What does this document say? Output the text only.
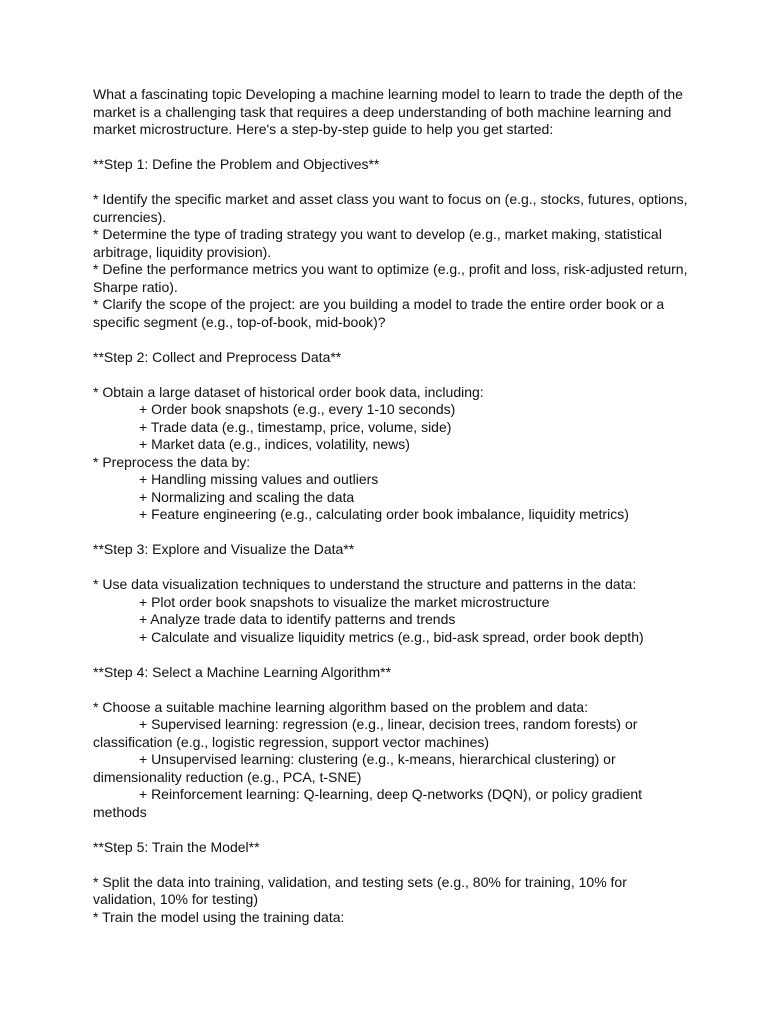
What a fascinating topic Developing a machine learning model to learn to trade the depth of the market is a challenging task that requires a deep understanding of both machine learning and market microstructure. Here's a step-by-step guide to help you get started:

**Step 1: Define the Problem and Objectives**

* Identify the specific market and asset class you want to focus on (e.g., stocks, futures, options, currencies).

* Determine the type of trading strategy you want to develop (e.g., market making, statistical arbitrage, liquidity provision).

* Define the performance metrics you want to optimize (e.g., profit and loss, risk-adjusted return, Sharpe ratio).

* Clarify the scope of the project: are you building a model to trade the entire order book or a specific segment (e.g., top-of-book, mid-book)?

**Step 2: Collect and Preprocess Data**

* Obtain a large dataset of historical order book data, including:

+ Order book snapshots (e.g., every 1-10 seconds)

+ Trade data (e.g., timestamp, price, volume, side)

+ Market data (e.g., indices, volatility, news)

* Preprocess the data by:

+ Handling missing values and outliers

+ Normalizing and scaling the data

+ Feature engineering (e.g., calculating order book imbalance, liquidity metrics)

**Step 3: Explore and Visualize the Data**

* Use data visualization techniques to understand the structure and patterns in the data:

+ Plot order book snapshots to visualize the market microstructure

+ Analyze trade data to identify patterns and trends

+ Calculate and visualize liquidity metrics (e.g., bid-ask spread, order book depth)

**Step 4: Select a Machine Learning Algorithm**

* Choose a suitable machine learning algorithm based on the problem and data:

+ Supervised learning: regression (e.g., linear, decision trees, random forests) or

classification (e.g., logistic regression, support vector machines)

+ Unsupervised learning: clustering (e.g., k-means, hierarchical clustering) or

dimensionality reduction (e.g., PCA, t-SNE)

+ Reinforcement learning: Q-learning, deep Q-networks (DQN), or policy gradient

methods

**Step 5: Train the Model**

* Split the data into training, validation, and testing sets (e.g., 80% for training, 10% for validation, 10% for testing)

* Train the model using the training data:
